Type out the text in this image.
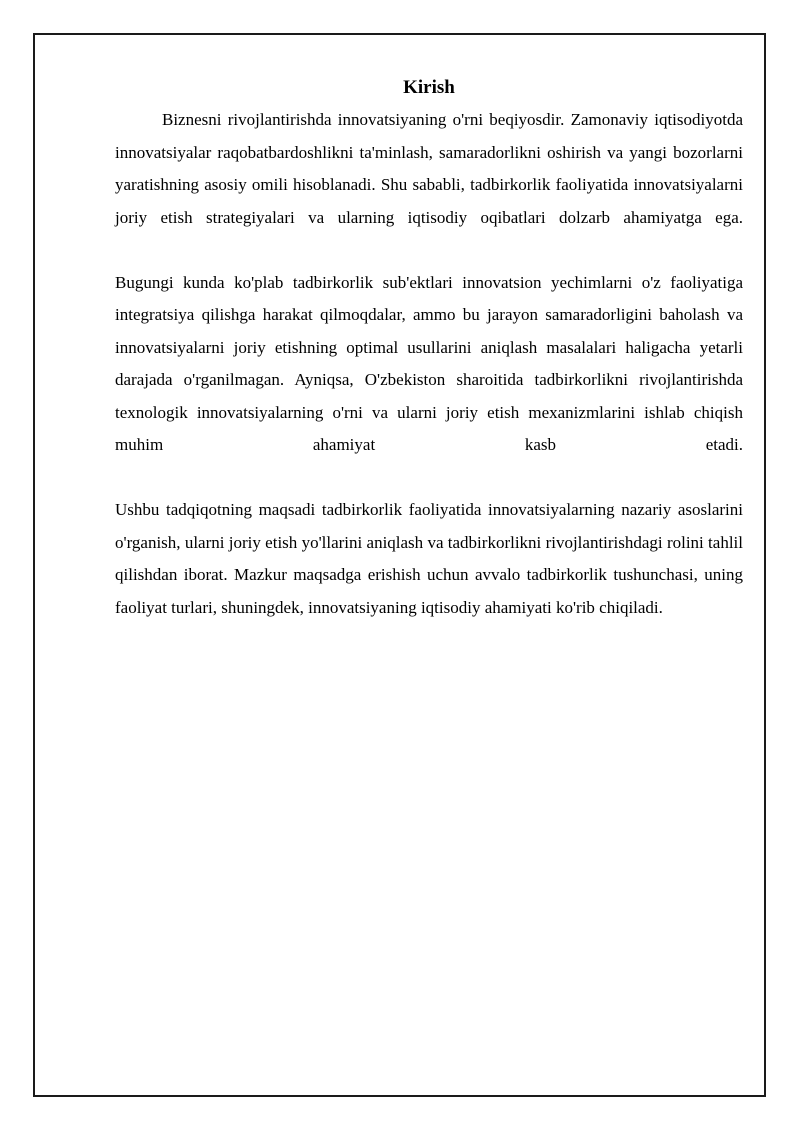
Kirish

Biznesni rivojlantirishda innovatsiyaning o'rni beqiyosdir. Zamonaviy iqtisodiyotda innovatsiyalar raqobatbardoshlikni ta'minlash, samaradorlikni oshirish va yangi bozorlarni yaratishning asosiy omili hisoblanadi. Shu sababli, tadbirkorlik faoliyatida innovatsiyalarni joriy etish strategiyalari va ularning iqtisodiy oqibatlari dolzarb ahamiyatga ega.

Bugungi kunda ko'plab tadbirkorlik sub'ektlari innovatsion yechimlarni o'z faoliyatiga integratsiya qilishga harakat qilmoqdalar, ammo bu jarayon samaradorligini baholash va innovatsiyalarni joriy etishning optimal usullarini aniqlash masalalari haligacha yetarli darajada o'rganilmagan. Ayniqsa, O'zbekiston sharoitida tadbirkorlikni rivojlantirishda texnologik innovatsiyalarning o'rni va ularni joriy etish mexanizmlarini ishlab chiqish muhim ahamiyat kasb etadi.

Ushbu tadqiqotning maqsadi tadbirkorlik faoliyatida innovatsiyalarning nazariy asoslarini o'rganish, ularni joriy etish yo'llarini aniqlash va tadbirkorlikni rivojlantirishdagi rolini tahlil qilishdan iborat. Mazkur maqsadga erishish uchun avvalo tadbirkorlik tushunchasi, uning faoliyat turlari, shuningdek, innovatsiyaning iqtisodiy ahamiyati ko'rib chiqiladi.
